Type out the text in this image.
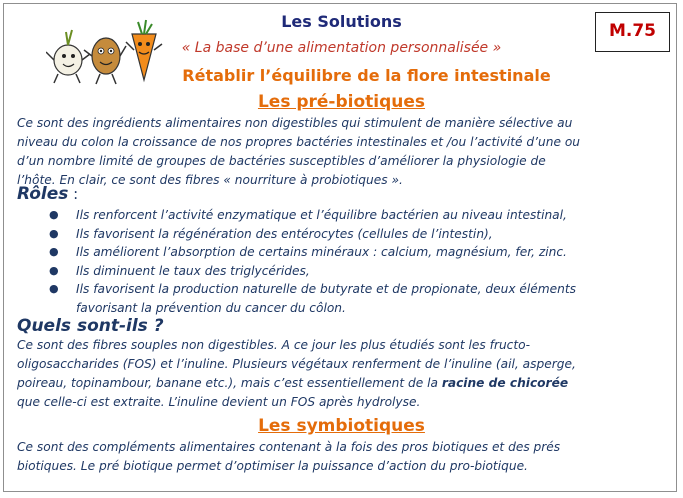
M.75
Les Solutions
« La base d’une alimentation personnalisée »
Rétablir l’équilibre de la flore intestinale
Les pré-biotiques
Ce sont des ingrédients alimentaires non digestibles qui stimulent de manière sélective au
niveau du colon la croissance de nos propres bactéries intestinales et /ou l’activité d’une ou
d’un nombre limité de groupes de bactéries susceptibles d’améliorer la physiologie de
l’hôte. En clair, ce sont des fibres « nourriture à probiotiques ».
Rôles :
● Ils renforcent l’activité enzymatique et l’équilibre bactérien au niveau intestinal,
● Ils favorisent la régénération des entérocytes (cellules de l’intestin),
● Ils améliorent l’absorption de certains minéraux : calcium, magnésium, fer, zinc.
● Ils diminuent le taux des triglycérides,
● Ils favorisent la production naturelle de butyrate et de propionate, deux éléments
favorisant la prévention du cancer du côlon.
Quels sont-ils ?
Ce sont des fibres souples non digestibles. A ce jour les plus étudiés sont les fructo-
oligosaccharides (FOS) et l’inuline. Plusieurs végétaux renferment de l’inuline (ail, asperge,
poireau, topinambour, banane etc.), mais c’est essentiellement de la racine de chicorée
que celle-ci est extraite. L’inuline devient un FOS après hydrolyse.
Les symbiotiques
Ce sont des compléments alimentaires contenant à la fois des pros biotiques et des prés
biotiques. Le pré biotique permet d’optimiser la puissance d’action du pro-biotique.
